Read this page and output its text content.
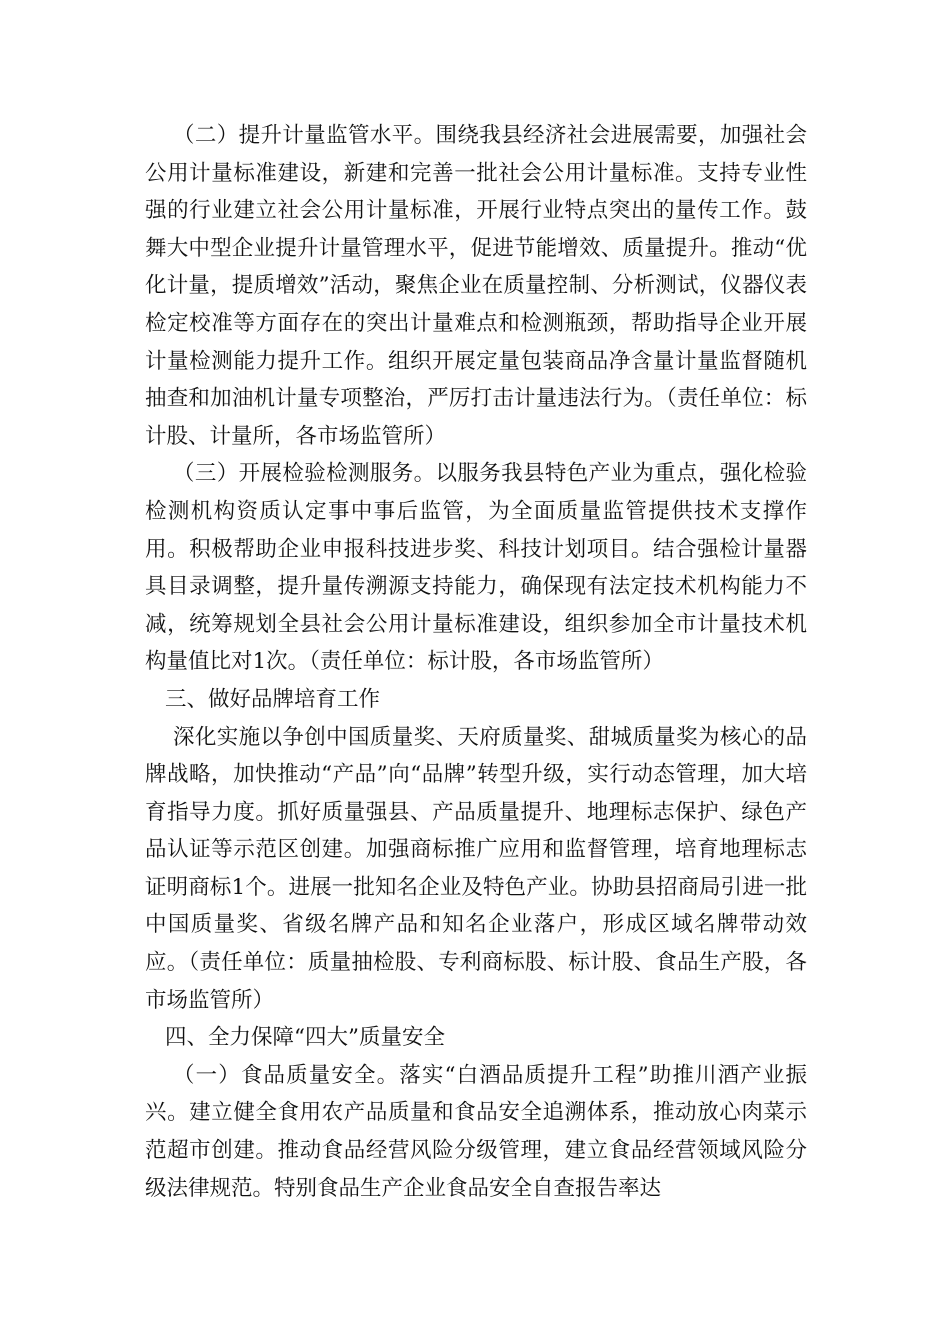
（二）提升计量监管水平。围绕我县经济社会进展需要，加强社会公用计量标准建设，新建和完善一批社会公用计量标准。支持专业性强的行业建立社会公用计量标准，开展行业特点突出的量传工作。鼓舞大中型企业提升计量管理水平，促进节能增效、质量提升。推动“优化计量，提质增效”活动，聚焦企业在质量控制、分析测试，仪器仪表检定校准等方面存在的突出计量难点和检测瓶颈，帮助指导企业开展计量检测能力提升工作。组织开展定量包装商品净含量计量监督随机抽查和加油机计量专项整治，严厉打击计量违法行为。（责任单位：标计股、计量所，各市场监管所）

（三）开展检验检测服务。以服务我县特色产业为重点，强化检验检测机构资质认定事中事后监管，为全面质量监管提供技术支撑作用。积极帮助企业申报科技进步奖、科技计划项目。结合强检计量器具目录调整，提升量传溯源支持能力，确保现有法定技术机构能力不减，统筹规划全县社会公用计量标准建设，组织参加全市计量技术机构量值比对1次。（责任单位：标计股，各市场监管所）

三、做好品牌培育工作

深化实施以争创中国质量奖、天府质量奖、甜城质量奖为核心的品牌战略，加快推动“产品”向“品牌”转型升级，实行动态管理，加大培育指导力度。抓好质量强县、产品质量提升、地理标志保护、绿色产品认证等示范区创建。加强商标推广应用和监督管理，培育地理标志证明商标1个。进展一批知名企业及特色产业。协助县招商局引进一批中国质量奖、省级名牌产品和知名企业落户，形成区域名牌带动效应。（责任单位：质量抽检股、专利商标股、标计股、食品生产股，各市场监管所）

四、全力保障“四大”质量安全

（一）食品质量安全。落实“白酒品质提升工程”助推川酒产业振兴。建立健全食用农产品质量和食品安全追溯体系，推动放心肉菜示范超市创建。推动食品经营风险分级管理，建立食品经营领域风险分级法律规范。特别食品生产企业食品安全自查报告率达
